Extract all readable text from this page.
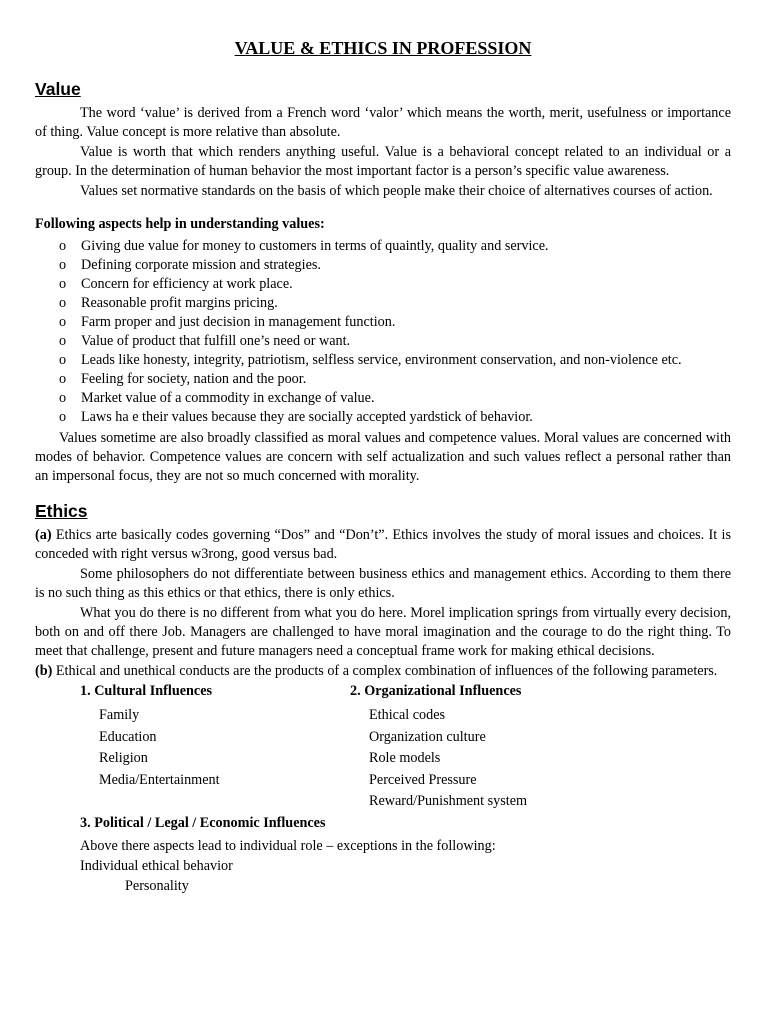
VALUE & ETHICS IN PROFESSION
Value

The word ‘value’ is derived from a French word ‘valor’ which means the worth, merit, usefulness or importance of thing. Value concept is more relative than absolute.

Value is worth that which renders anything useful. Value is a behavioral concept related to an individual or a group. In the determination of human behavior the most important factor is a person’s specific value awareness.

Values set normative standards on the basis of which people make their choice of alternatives courses of action.

Following aspects help in understanding values:
o Giving due value for money to customers in terms of quaintly, quality and service.
o Defining corporate mission and strategies.
o Concern for efficiency at work place.
o Reasonable profit margins pricing.
o Farm proper and just decision in management function.
o Value of product that fulfill one’s need or want.
o Leads like honesty, integrity, patriotism, selfless service, environment conservation, and non-violence etc.
o Feeling for society, nation and the poor.
o Market value of a commodity in exchange of value.
o Laws ha e their values because they are socially accepted yardstick of behavior.

Values sometime are also broadly classified as moral values and competence values. Moral values are concerned with modes of behavior. Competence values are concern with self actualization and such values reflect a personal rather than an impersonal focus, they are not so much concerned with morality.

Ethics

(a) Ethics arte basically codes governing “Dos” and “Don’t”. Ethics involves the study of moral issues and choices. It is conceded with right versus w3rong, good versus bad.

Some philosophers do not differentiate between business ethics and management ethics. According to them there is no such thing as this ethics or that ethics, there is only ethics.

What you do there is no different from what you do here. Morel implication springs from virtually every decision, both on and off there Job. Managers are challenged to have moral imagination and the courage to do the right thing. To meet that challenge, present and future managers need a conceptual frame work for making ethical decisions.

(b) Ethical and unethical conducts are the products of a complex combination of influences of the following parameters.

1. Cultural Influences
Family
Education
Religion
Media/Entertainment
2. Organizational Influences
Ethical codes
Organization culture
Role models
Perceived Pressure
Reward/Punishment system
3. Political / Legal / Economic Influences
Above there aspects lead to individual role – exceptions in the following:
Individual ethical behavior
Personality
